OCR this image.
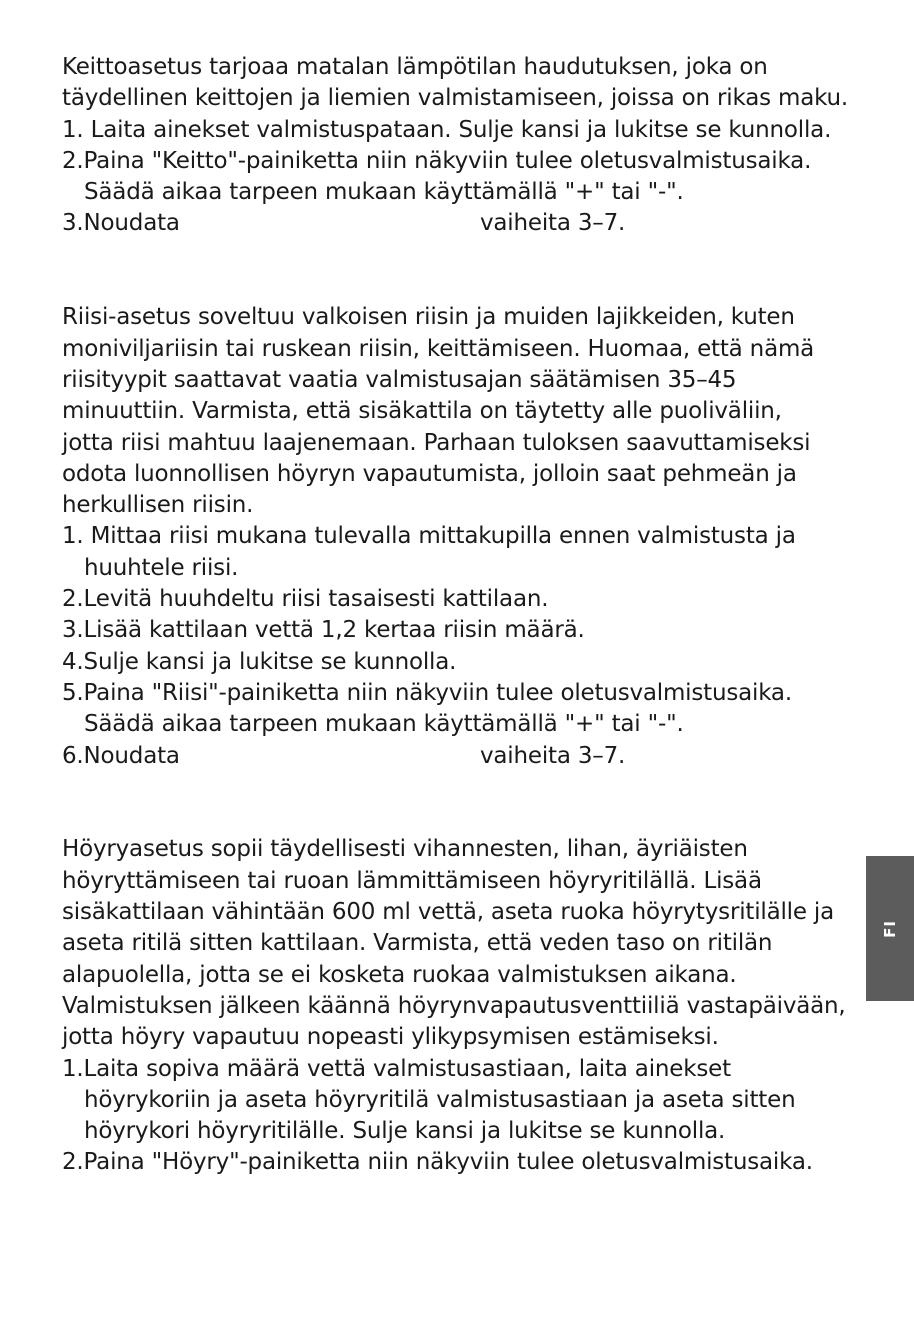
Keittoasetus tarjoaa matalan lämpötilan haudutuksen, joka on
täydellinen keittojen ja liemien valmistamiseen, joissa on rikas maku.
1. Laita ainekset valmistuspataan. Sulje kansi ja lukitse se kunnolla.
2.Paina "Keitto"-painiketta niin näkyviin tulee oletusvalmistusaika.
Säädä aikaa tarpeen mukaan käyttämällä "+" tai "-".
3.Noudata	vaiheita 3–7.
Riisi-asetus soveltuu valkoisen riisin ja muiden lajikkeiden, kuten
moniviljariisin tai ruskean riisin, keittämiseen. Huomaa, että nämä
riisityypit saattavat vaatia valmistusajan säätämisen 35–45
minuuttiin. Varmista, että sisäkattila on täytetty alle puoliväliin,
jotta riisi mahtuu laajenemaan. Parhaan tuloksen saavuttamiseksi
odota luonnollisen höyryn vapautumista, jolloin saat pehmeän ja
herkullisen riisin.
1. Mittaa riisi mukana tulevalla mittakupilla ennen valmistusta ja
huuhtele riisi.
2.Levitä huuhdeltu riisi tasaisesti kattilaan.
3.Lisää kattilaan vettä 1,2 kertaa riisin määrä.
4.Sulje kansi ja lukitse se kunnolla.
5.Paina "Riisi"-painiketta niin näkyviin tulee oletusvalmistusaika.
Säädä aikaa tarpeen mukaan käyttämällä "+" tai "-".
6.Noudata	vaiheita 3–7.
Höyryasetus sopii täydellisesti vihannesten, lihan, äyriäisten
höyryttämiseen tai ruoan lämmittämiseen höyryritilällä. Lisää
sisäkattilaan vähintään 600 ml vettä, aseta ruoka höyrytysritilälle ja
aseta ritilä sitten kattilaan. Varmista, että veden taso on ritilän
alapuolella, jotta se ei kosketa ruokaa valmistuksen aikana.
Valmistuksen jälkeen käännä höyrynvapautusventtiiliä vastapäivään,
jotta höyry vapautuu nopeasti ylikypsymisen estämiseksi.
1.Laita sopiva määrä vettä valmistusastiaan, laita ainekset
höyrykoriin ja aseta höyryritilä valmistusastiaan ja aseta sitten
höyrykori höyryritilälle. Sulje kansi ja lukitse se kunnolla.
2.Paina "Höyry"-painiketta niin näkyviin tulee oletusvalmistusaika.
FI
